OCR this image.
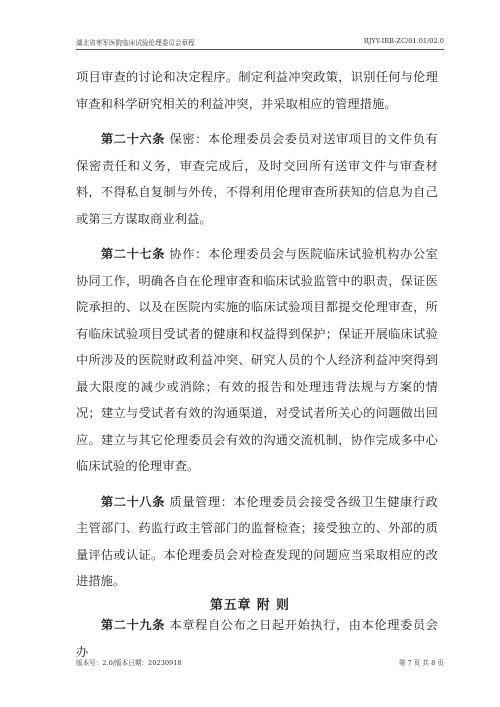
湖北省枣军医院临床试验伦理委员会章程	RJYY-IRB-ZC/01.01/02.0

项目审查的讨论和决定程序。制定利益冲突政策，识别任何与伦理审查和科学研究相关的利益冲突，并采取相应的管理措施。

第二十六条 保密：本伦理委员会委员对送审项目的文件负有保密责任和义务，审查完成后，及时交回所有送审文件与审查材料，不得私自复制与外传，不得利用伦理审查所获知的信息为自己或第三方谋取商业利益。

第二十七条 协作：本伦理委员会与医院临床试验机构办公室协同工作，明确各自在伦理审查和临床试验监管中的职责，保证医院承担的、以及在医院内实施的临床试验项目都提交伦理审查，所有临床试验项目受试者的健康和权益得到保护；保证开展临床试验中所涉及的医院财政利益冲突、研究人员的个人经济利益冲突得到最大限度的减少或消除；有效的报告和处理违背法规与方案的情况；建立与受试者有效的沟通渠道，对受试者所关心的问题做出回应。建立与其它伦理委员会有效的沟通交流机制，协作完成多中心临床试验的伦理审查。

第二十八条 质量管理：本伦理委员会接受各级卫生健康行政主管部门、药监行政主管部门的监督检查；接受独立的、外部的质量评估或认证。本伦理委员会对检查发现的问题应当采取相应的改进措施。

第五章 附 则

第二十九条 本章程自公布之日起开始执行，由本伦理委员会办

版本号：2.0/版本日期：20230918	第 7 页 共 8 页
